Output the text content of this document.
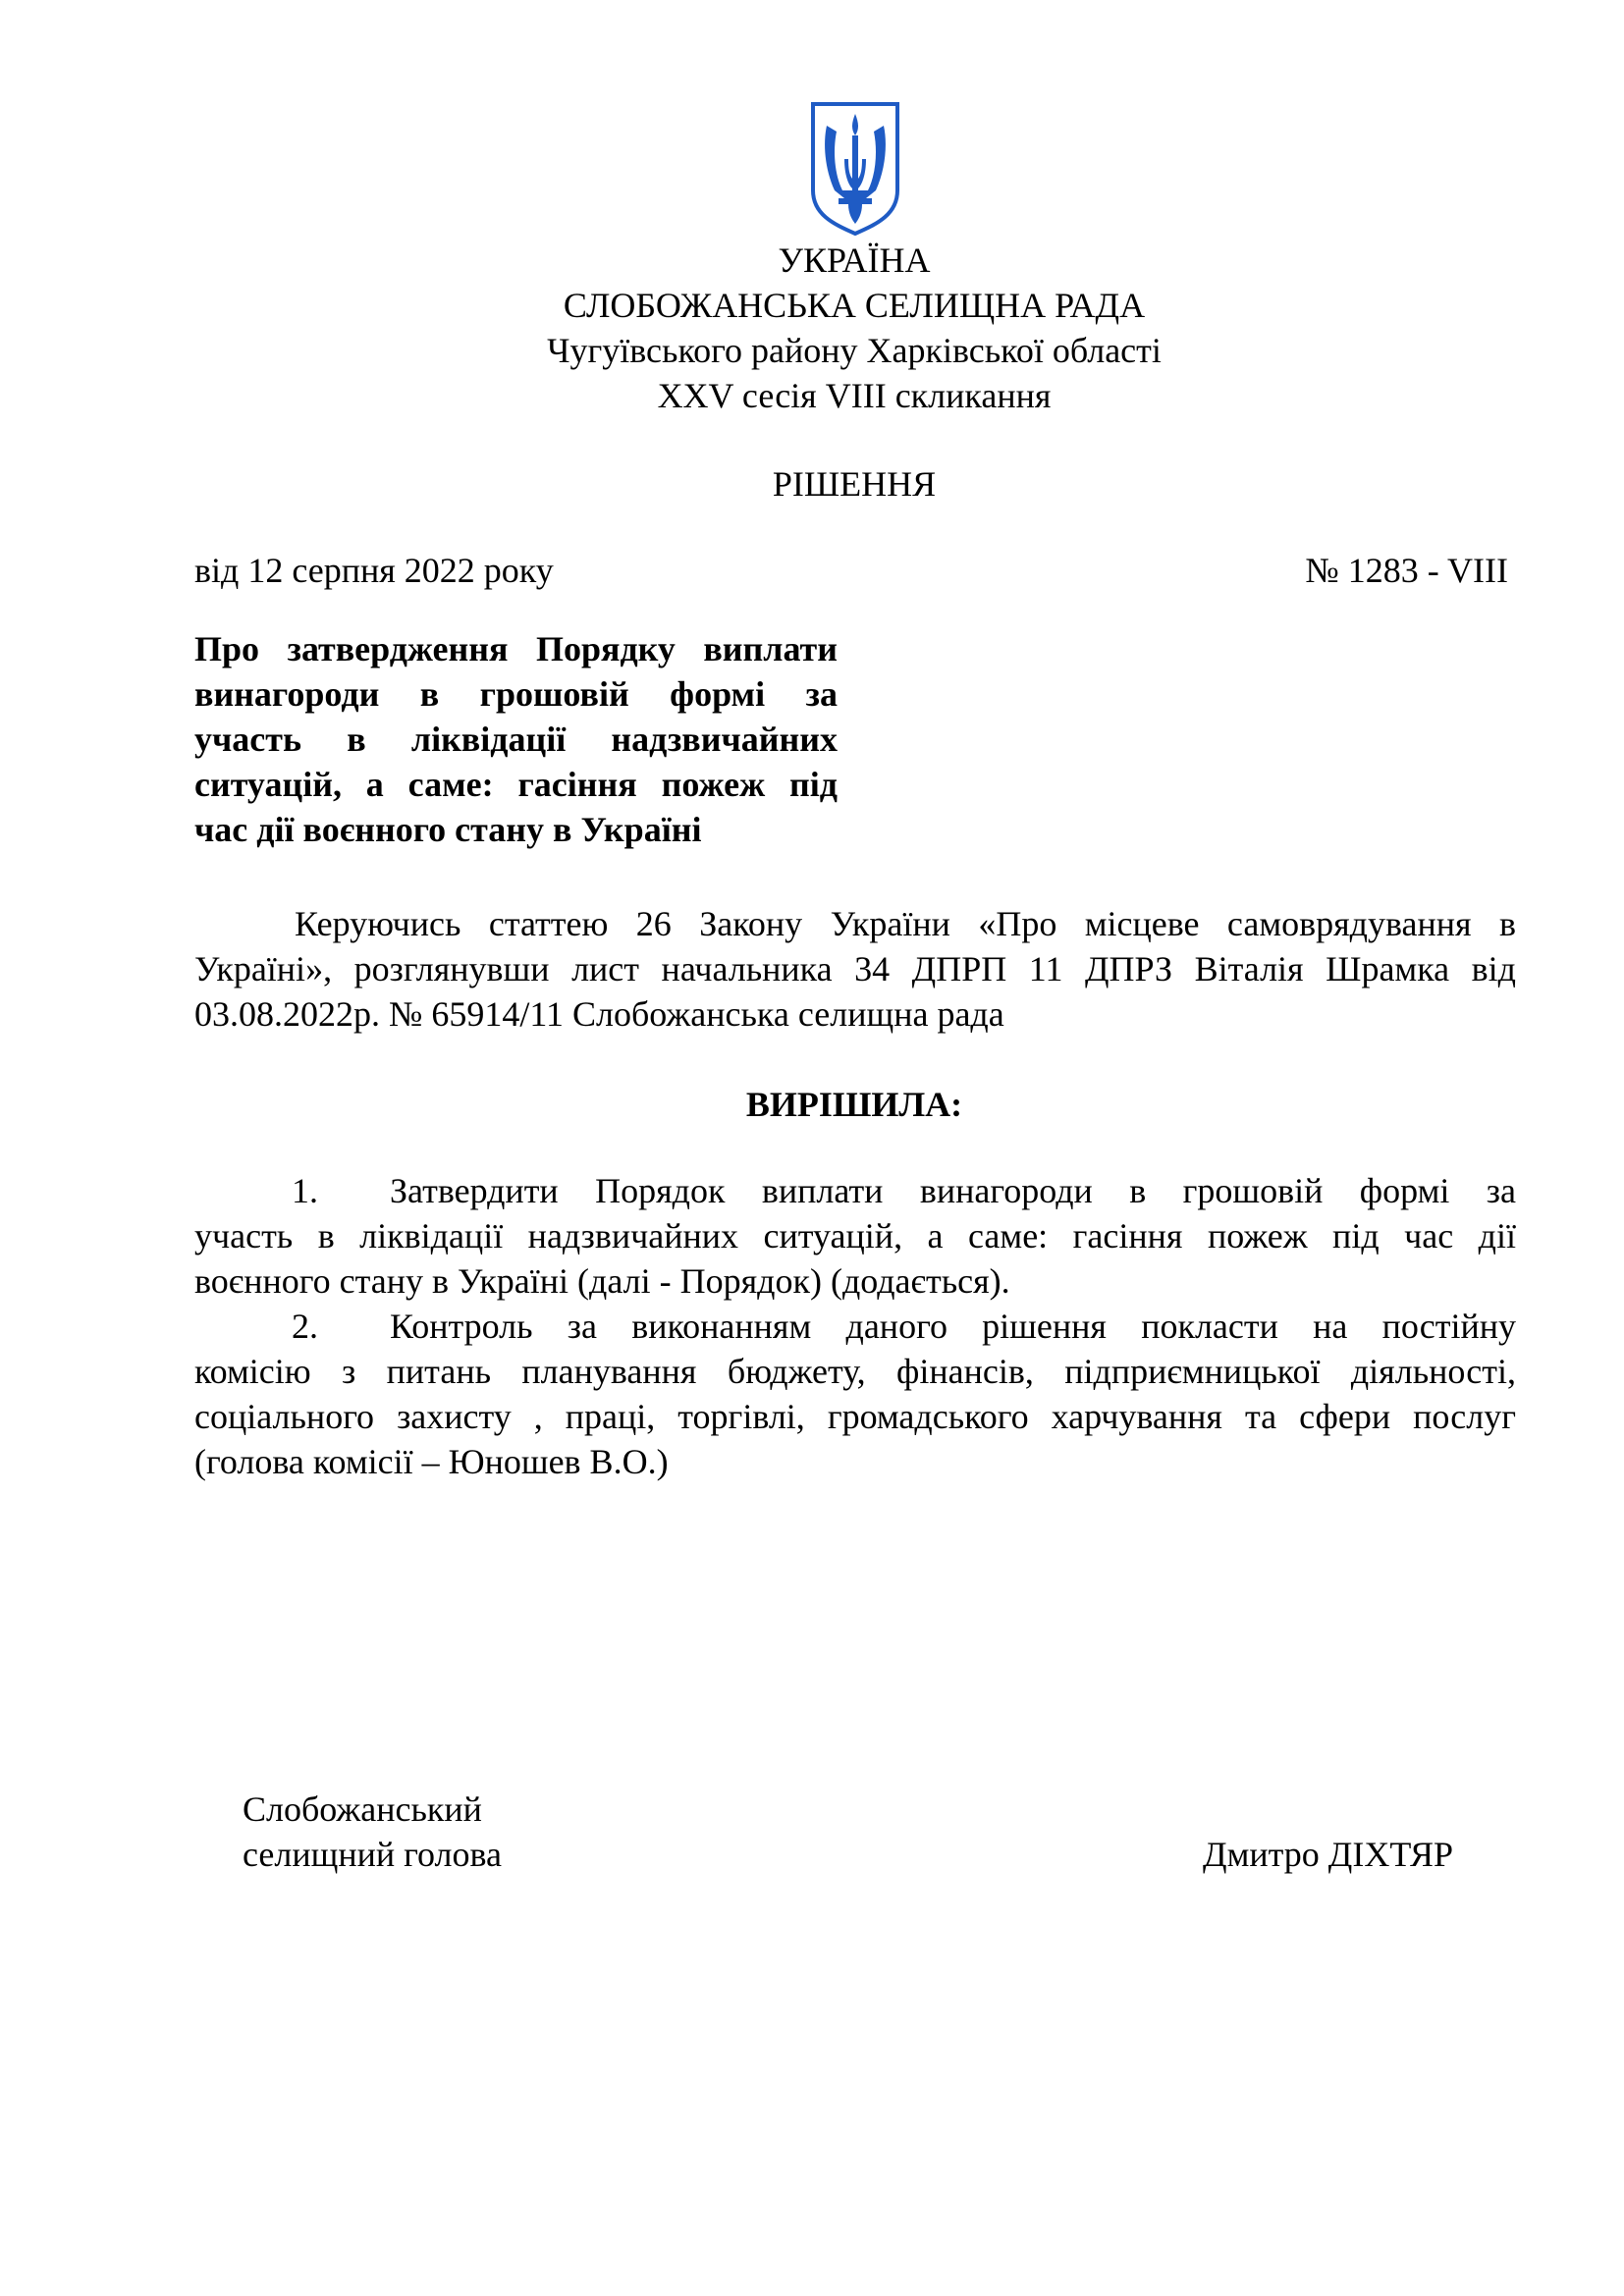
УКРАЇНА
СЛОБОЖАНСЬКА СЕЛИЩНА РАДА
Чугуївського району Харківської області
XXV сесія VIII скликання
РІШЕННЯ
від 12 серпня 2022 року	№ 1283 - VIII
Про затвердження Порядку виплати
винагороди в грошовій формі за
участь в ліквідації надзвичайних
ситуацій, а саме: гасіння пожеж під
час дії воєнного стану в Україні
Керуючись статтею 26 Закону України «Про місцеве самоврядування в
Україні», розглянувши лист начальника 34 ДПРП 11 ДПРЗ Віталія Шрамка від
03.08.2022р. № 65914/11 Слобожанська селищна рада
ВИРІШИЛА:
1.	Затвердити Порядок виплати винагороди в грошовій формі за
участь в ліквідації надзвичайних ситуацій, а саме: гасіння пожеж під час дії
воєнного стану в Україні (далі - Порядок) (додається).
2.	Контроль за виконанням даного рішення покласти на постійну
комісію з питань планування бюджету, фінансів, підприємницької діяльності,
соціального захисту , праці, торгівлі, громадського харчування та сфери послуг
(голова комісії – Юношев В.О.)
Слобожанський
селищний голова	Дмитро ДІХТЯР
